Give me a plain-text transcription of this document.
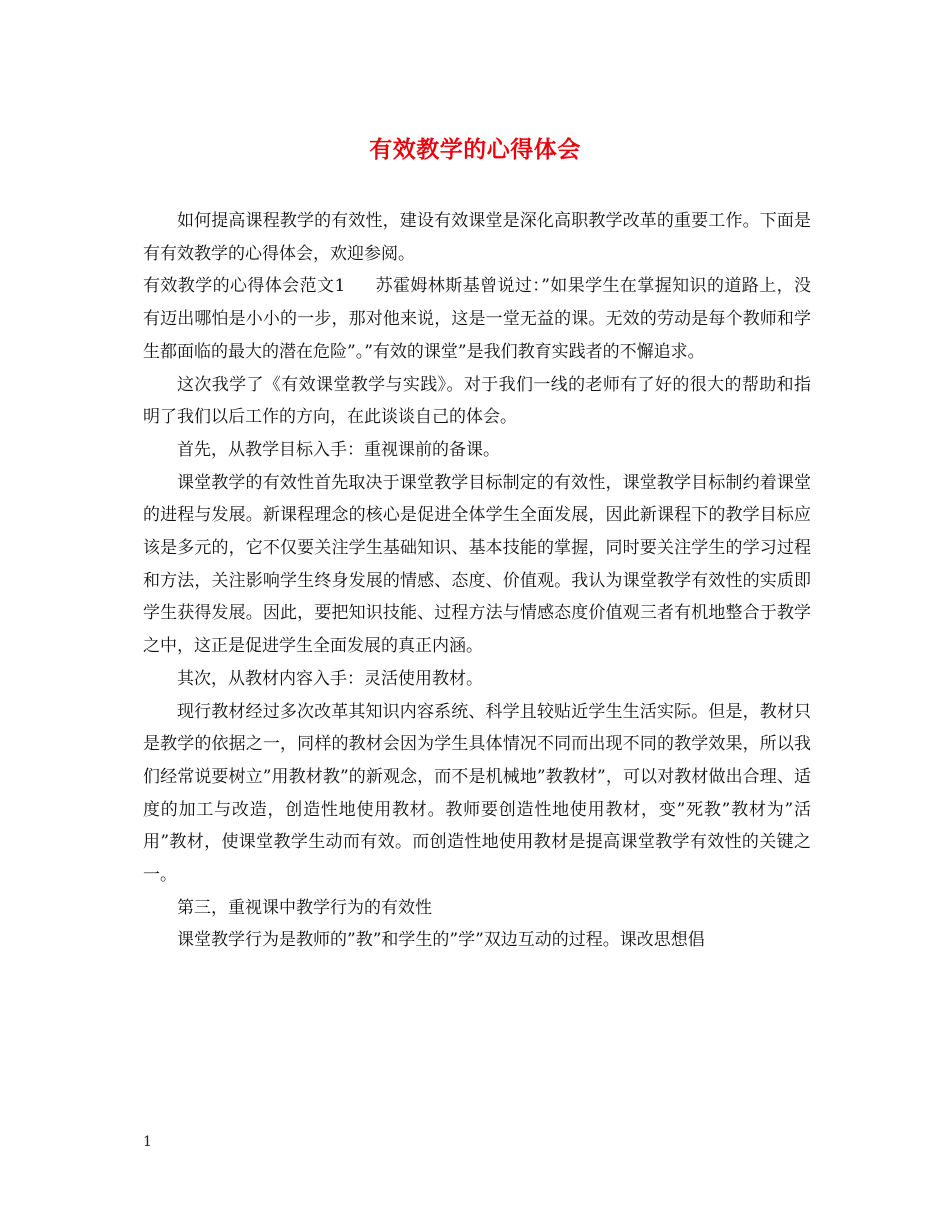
有效教学的心得体会

如何提高课程教学的有效性，建设有效课堂是深化高职教学改革的重要工作。下面是有有效教学的心得体会，欢迎参阅。

有效教学的心得体会范文1 苏霍姆林斯基曾说过：”如果学生在掌握知识的道路上，没有迈出哪怕是小小的一步，那对他来说，这是一堂无益的课。无效的劳动是每个教师和学生都面临的最大的潜在危险”。”有效的课堂”是我们教育实践者的不懈追求。

这次我学了《有效课堂教学与实践》。对于我们一线的老师有了好的很大的帮助和指明了我们以后工作的方向，在此谈谈自己的体会。

首先，从教学目标入手：重视课前的备课。

课堂教学的有效性首先取决于课堂教学目标制定的有效性，课堂教学目标制约着课堂的进程与发展。新课程理念的核心是促进全体学生全面发展，因此新课程下的教学目标应该是多元的，它不仅要关注学生基础知识、基本技能的掌握，同时要关注学生的学习过程和方法，关注影响学生终身发展的情感、态度、价值观。我认为课堂教学有效性的实质即学生获得发展。因此，要把知识技能、过程方法与情感态度价值观三者有机地整合于教学之中，这正是促进学生全面发展的真正内涵。

其次，从教材内容入手：灵活使用教材。

现行教材经过多次改革其知识内容系统、科学且较贴近学生生活实际。但是，教材只是教学的依据之一，同样的教材会因为学生具体情况不同而出现不同的教学效果，所以我们经常说要树立”用教材教”的新观念，而不是机械地”教教材”，可以对教材做出合理、适度的加工与改造，创造性地使用教材。教师要创造性地使用教材，变”死教”教材为”活用”教材，使课堂教学生动而有效。而创造性地使用教材是提高课堂教学有效性的关键之一。

第三，重视课中教学行为的有效性

课堂教学行为是教师的”教”和学生的”学”双边互动的过程。课改思想倡

1
